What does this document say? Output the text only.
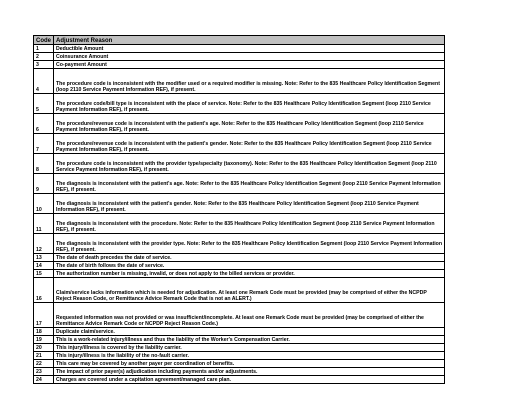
Code	Adjustment Reason
1	Deductible Amount
2	Coinsurance Amount
3	Co-payment Amount
4	The procedure code is inconsistent with the modifier used or a required modifier is missing. Note: Refer to the 835 Healthcare Policy Identification Segment (loop 2110 Service Payment Information REF), if present.
5	The procedure code/bill type is inconsistent with the place of service. Note: Refer to the 835 Healthcare Policy Identification Segment (loop 2110 Service Payment Information REF), if present.
6	The procedure/revenue code is inconsistent with the patient's age. Note: Refer to the 835 Healthcare Policy Identification Segment (loop 2110 Service Payment Information REF), if present.
7	The procedure/revenue code is inconsistent with the patient's gender. Note: Refer to the 835 Healthcare Policy Identification Segment (loop 2110 Service Payment Information REF), if present.
8	The procedure code is inconsistent with the provider type/specialty (taxonomy). Note: Refer to the 835 Healthcare Policy Identification Segment (loop 2110 Service Payment Information REF), if present.
9	The diagnosis is inconsistent with the patient's age. Note: Refer to the 835 Healthcare Policy Identification Segment (loop 2110 Service Payment Information REF), if present.
10	The diagnosis is inconsistent with the patient's gender. Note: Refer to the 835 Healthcare Policy Identification Segment (loop 2110 Service Payment Information REF), if present.
11	The diagnosis is inconsistent with the procedure. Note: Refer to the 835 Healthcare Policy Identification Segment (loop 2110 Service Payment Information REF), if present.
12	The diagnosis is inconsistent with the provider type. Note: Refer to the 835 Healthcare Policy Identification Segment (loop 2110 Service Payment Information REF), if present.
13	The date of death precedes the date of service.
14	The date of birth follows the date of service.
15	The authorization number is missing, invalid, or does not apply to the billed services or provider.
16	Claim/service lacks information which is needed for adjudication. At least one Remark Code must be provided (may be comprised of either the NCPDP Reject Reason Code, or Remittance Advice Remark Code that is not an ALERT.)
17	Requested information was not provided or was insufficient/incomplete. At least one Remark Code must be provided (may be comprised of either the Remittance Advice Remark Code or NCPDP Reject Reason Code.)
18	Duplicate claim/service.
19	This is a work-related injury/illness and thus the liability of the Worker's Compensation Carrier.
20	This injury/illness is covered by the liability carrier.
21	This injury/illness is the liability of the no-fault carrier.
22	This care may be covered by another payer per coordination of benefits.
23	The impact of prior payer(s) adjudication including payments and/or adjustments.
24	Charges are covered under a capitation agreement/managed care plan.
